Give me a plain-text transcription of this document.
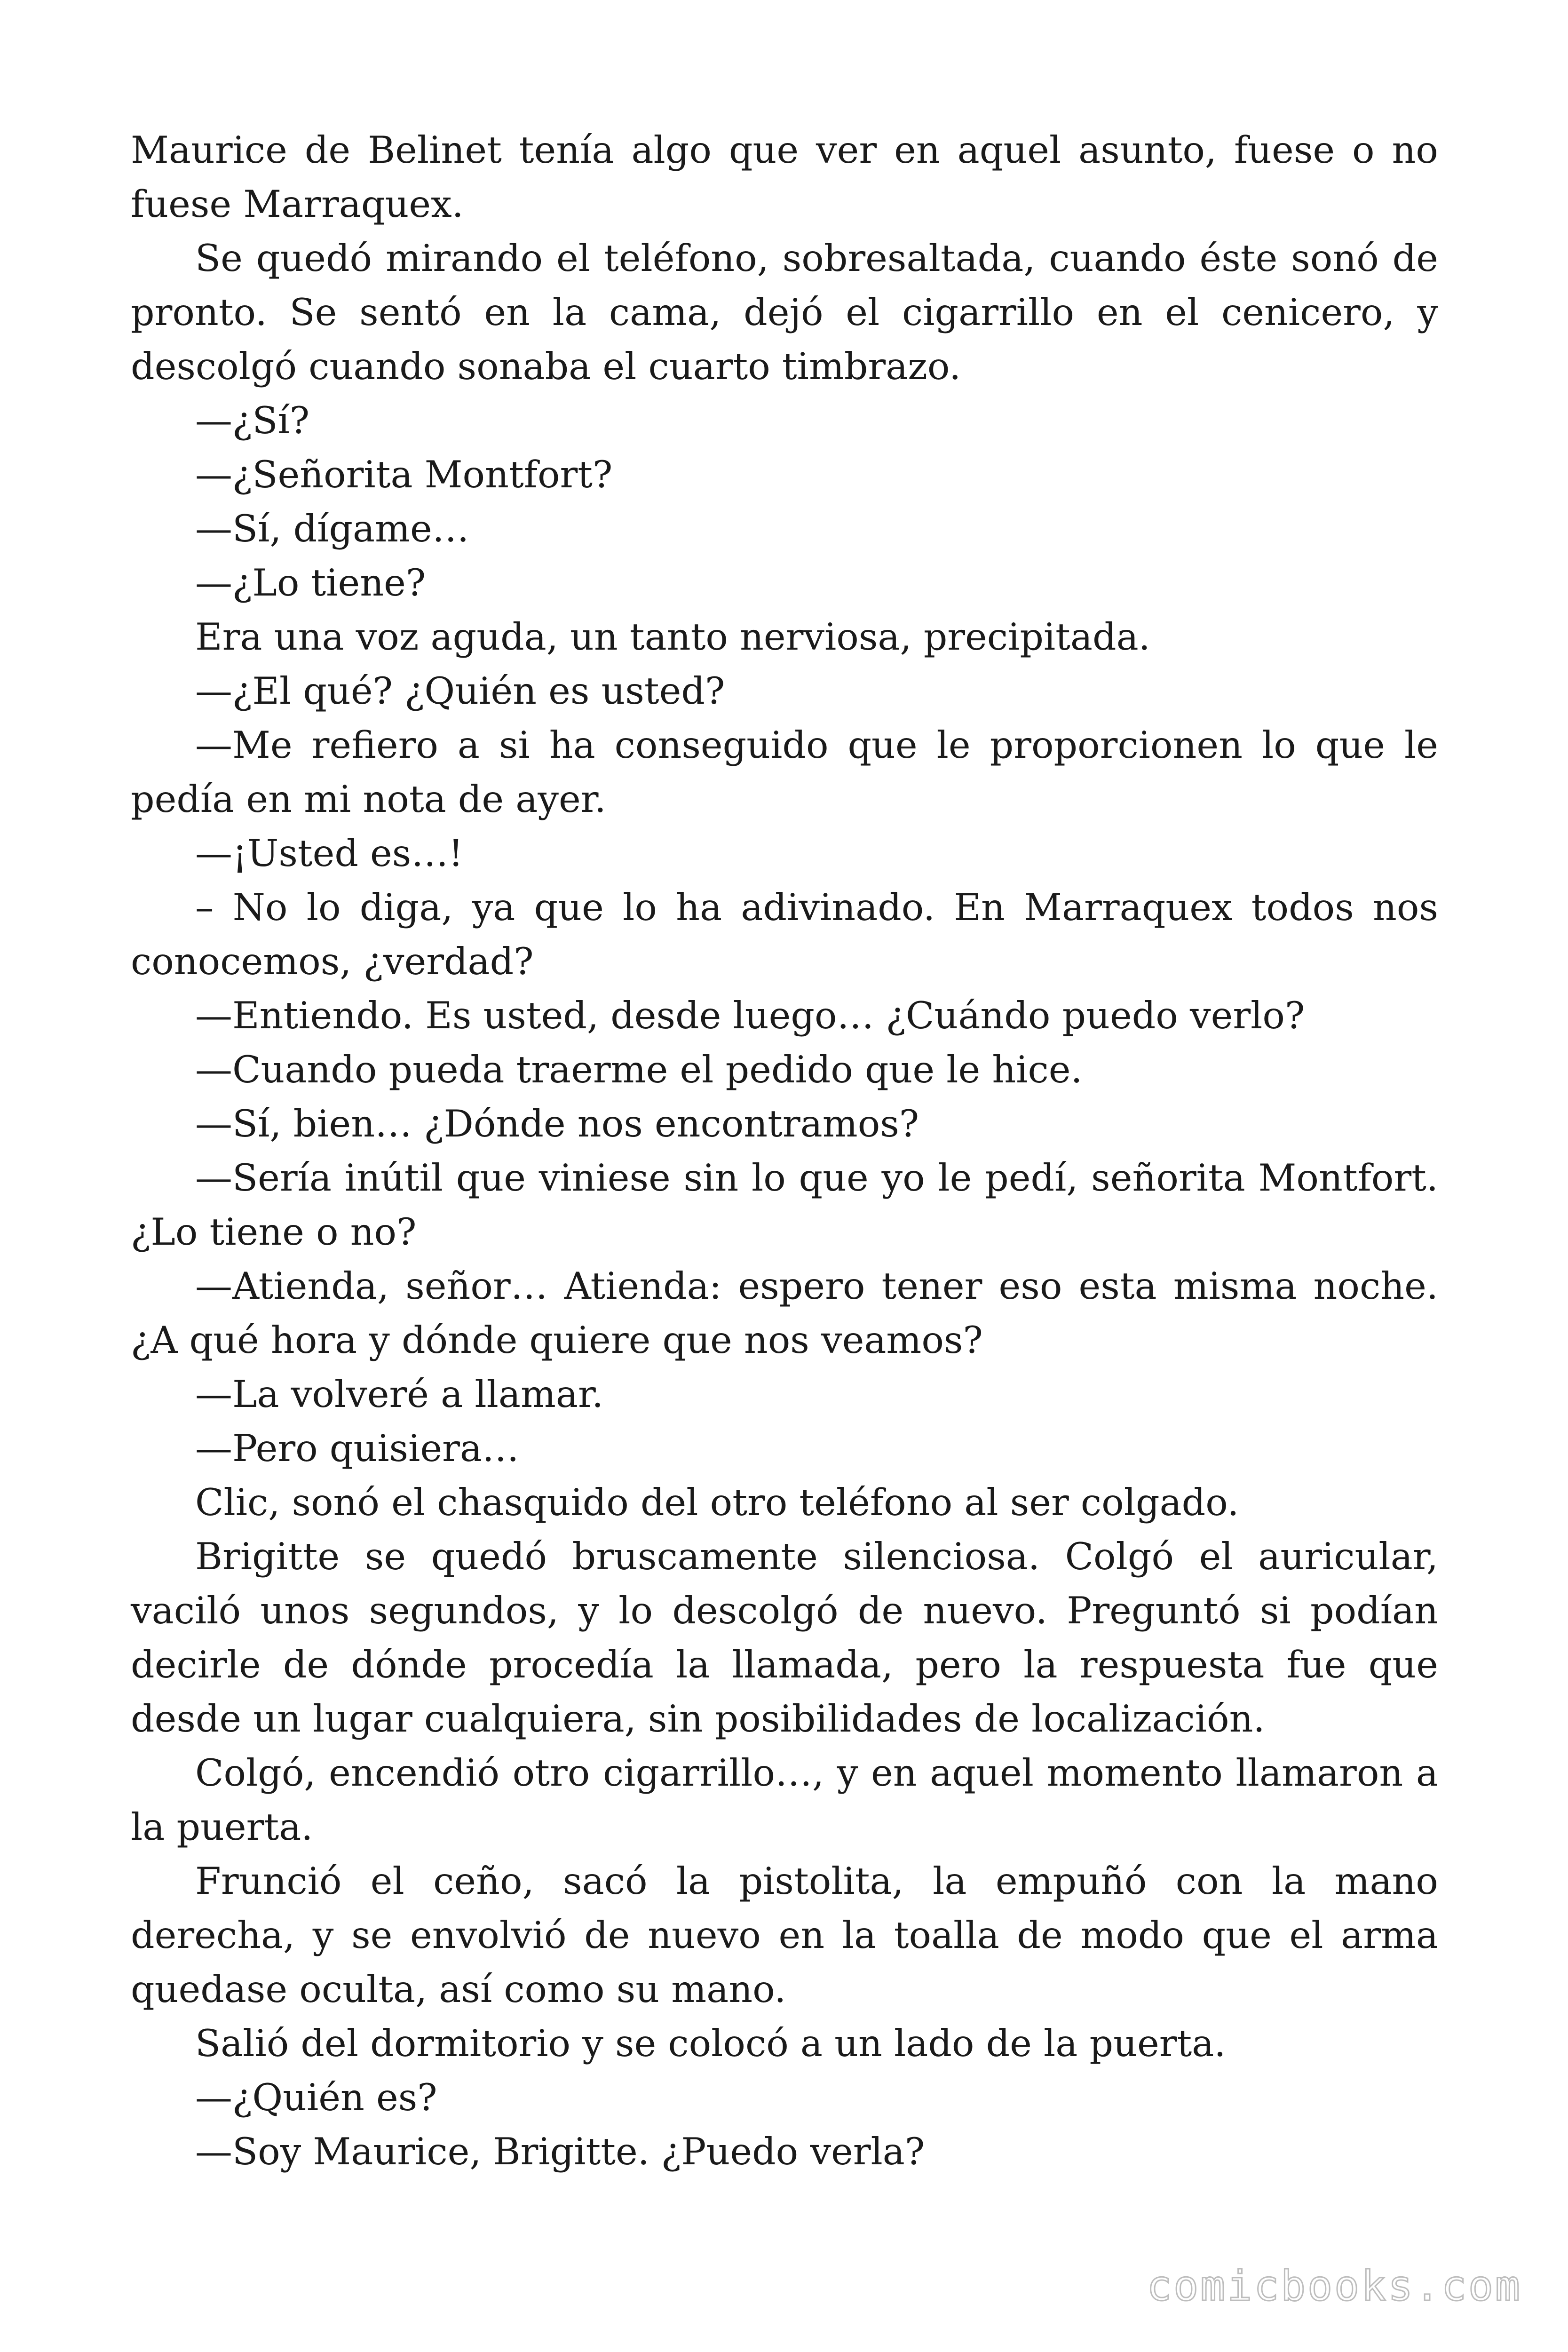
Maurice de Belinet tenía algo que ver en aquel asunto, fuese o no fuese Marraquex.

Se quedó mirando el teléfono, sobresaltada, cuando éste sonó de pronto. Se sentó en la cama, dejó el cigarrillo en el cenicero, y descolgó cuando sonaba el cuarto timbrazo.

—¿Sí?

—¿Señorita Montfort?

—Sí, dígame…

—¿Lo tiene?

Era una voz aguda, un tanto nerviosa, precipitada.

—¿El qué? ¿Quién es usted?

—Me refiero a si ha conseguido que le proporcionen lo que le pedía en mi nota de ayer.

—¡Usted es…!

– No lo diga, ya que lo ha adivinado. En Marraquex todos nos conocemos, ¿verdad?

—Entiendo. Es usted, desde luego… ¿Cuándo puedo verlo?

—Cuando pueda traerme el pedido que le hice.

—Sí, bien… ¿Dónde nos encontramos?

—Sería inútil que viniese sin lo que yo le pedí, señorita Montfort. ¿Lo tiene o no?

—Atienda, señor… Atienda: espero tener eso esta misma noche. ¿A qué hora y dónde quiere que nos veamos?

—La volveré a llamar.

—Pero quisiera…

Clic, sonó el chasquido del otro teléfono al ser colgado.

Brigitte se quedó bruscamente silenciosa. Colgó el auricular, vaciló unos segundos, y lo descolgó de nuevo. Preguntó si podían decirle de dónde procedía la llamada, pero la respuesta fue que desde un lugar cualquiera, sin posibilidades de localización.

Colgó, encendió otro cigarrillo…, y en aquel momento llamaron a la puerta.

Frunció el ceño, sacó la pistolita, la empuñó con la mano derecha, y se envolvió de nuevo en la toalla de modo que el arma quedase oculta, así como su mano.

Salió del dormitorio y se colocó a un lado de la puerta.

—¿Quién es?

—Soy Maurice, Brigitte. ¿Puedo verla?

comicbooks.com
